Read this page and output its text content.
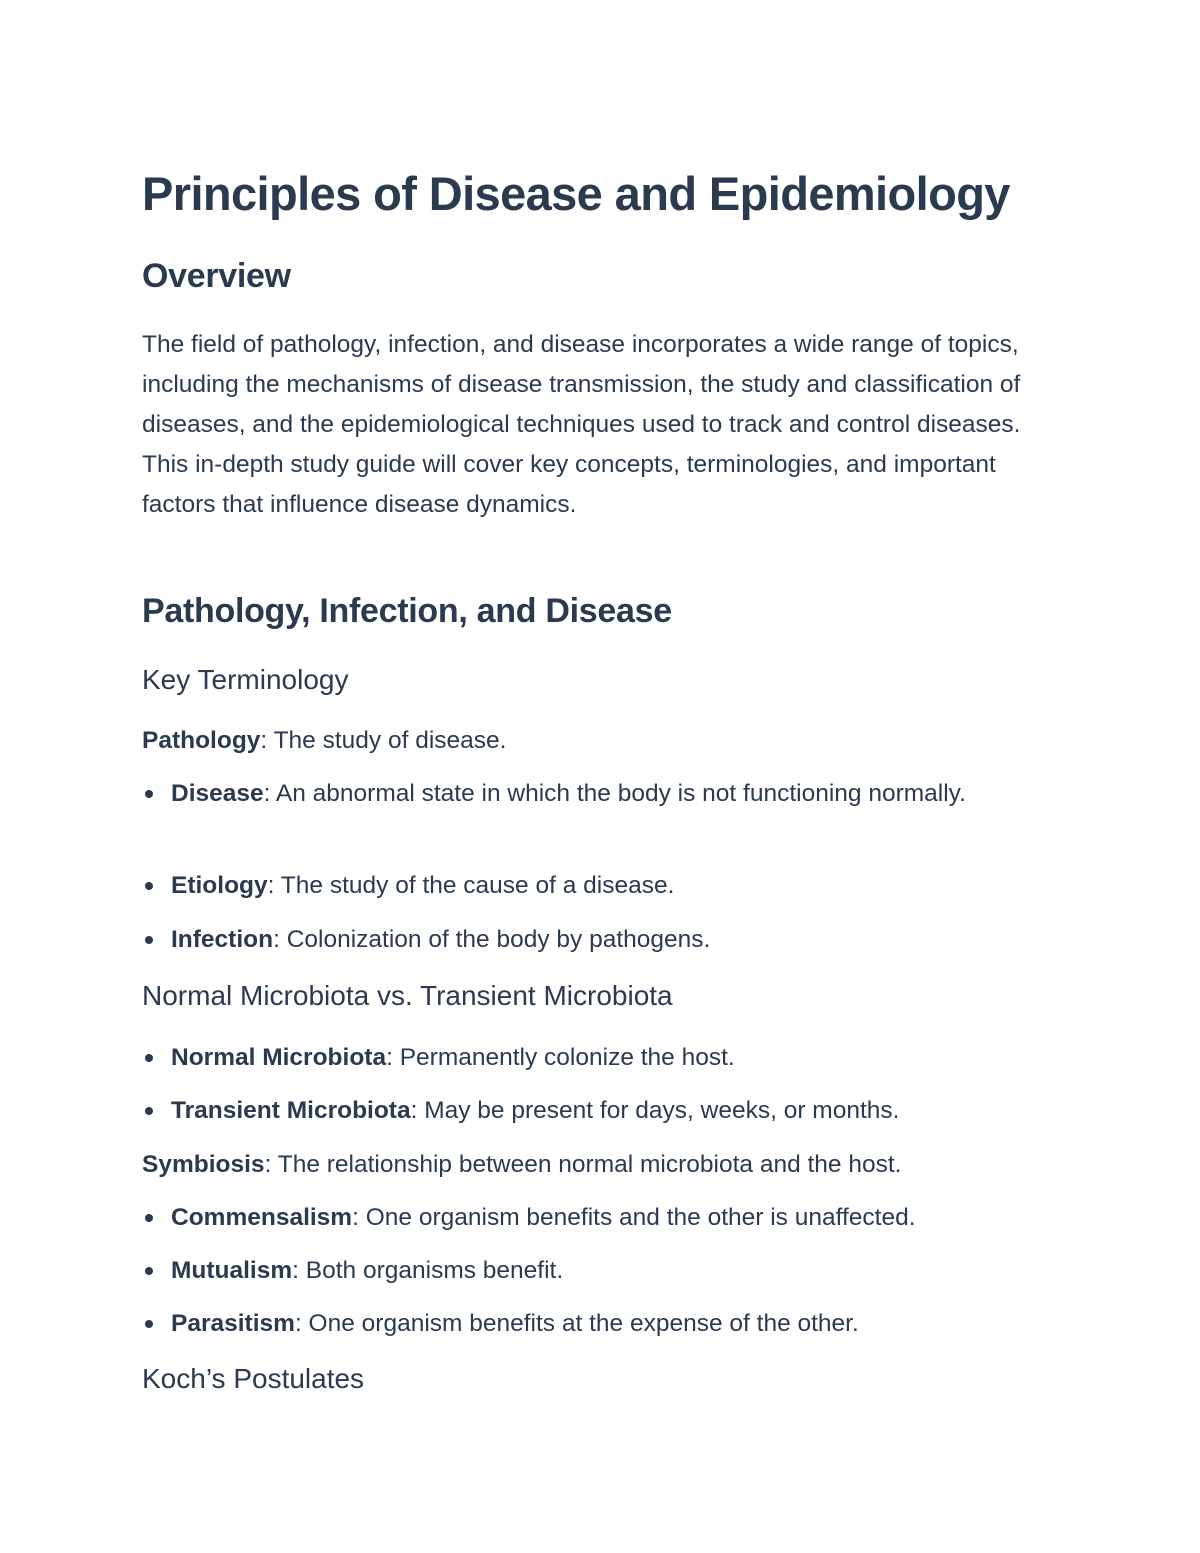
Principles of Disease and Epidemiology
Overview

The field of pathology, infection, and disease incorporates a wide range of topics, including the mechanisms of disease transmission, the study and classification of diseases, and the epidemiological techniques used to track and control diseases. This in-depth study guide will cover key concepts, terminologies, and important factors that influence disease dynamics.

Pathology, Infection, and Disease
Key Terminology

Pathology: The study of disease.

Disease: An abnormal state in which the body is not functioning normally.
Etiology: The study of the cause of a disease.
Infection: Colonization of the body by pathogens.
Normal Microbiota vs. Transient Microbiota
Normal Microbiota: Permanently colonize the host.
Transient Microbiota: May be present for days, weeks, or months.

Symbiosis: The relationship between normal microbiota and the host.

Commensalism: One organism benefits and the other is unaffected.
Mutualism: Both organisms benefit.
Parasitism: One organism benefits at the expense of the other.
Koch’s Postulates
